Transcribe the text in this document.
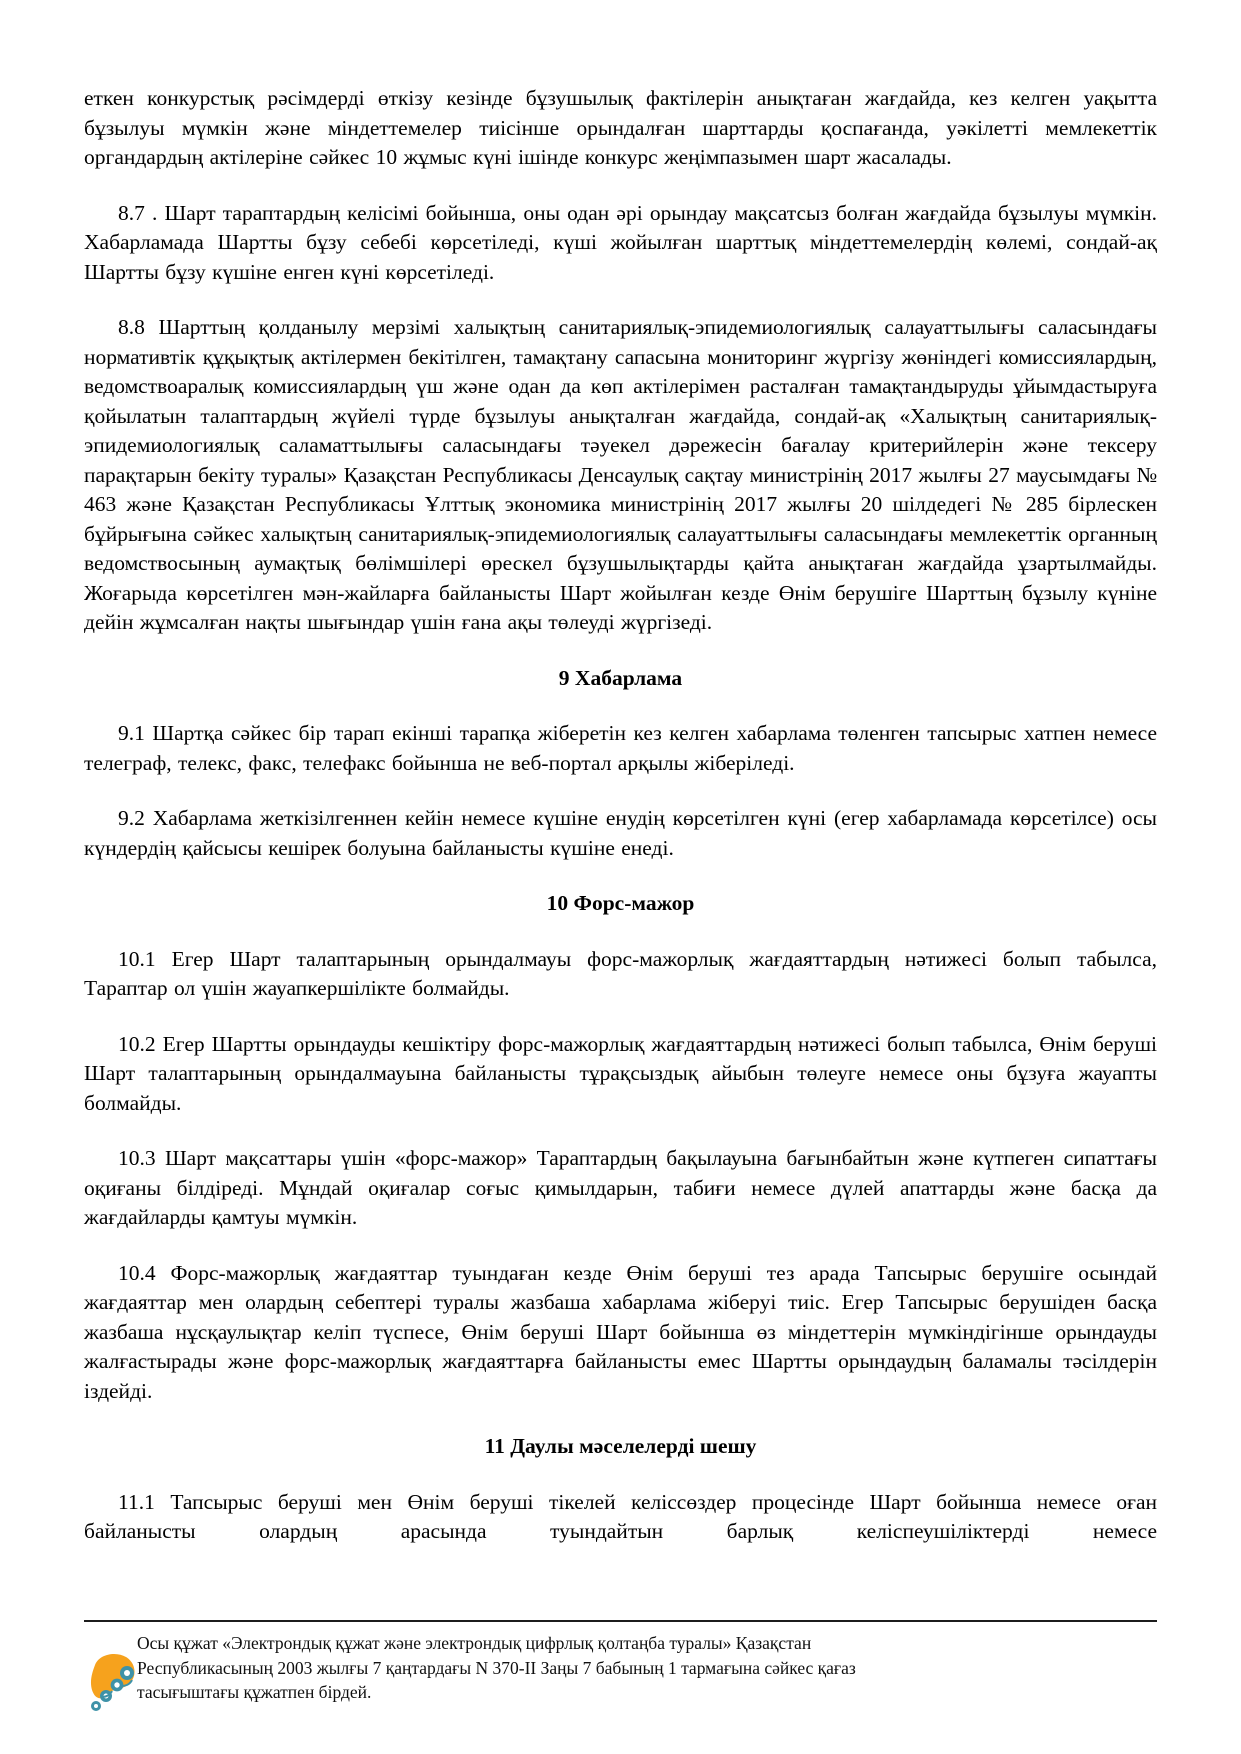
еткен конкурстық рәсімдерді өткізу кезінде бұзушылық фактілерін анықтаған жағдайда, кез келген уақытта бұзылуы мүмкін және міндеттемелер тиісінше орындалған шарттарды қоспағанда, уәкілетті мемлекеттік органдардың актілеріне сәйкес 10 жұмыс күні ішінде конкурс жеңімпазымен шарт жасалады.

8.7 . Шарт тараптардың келісімі бойынша, оны одан әрі орындау мақсатсыз болған жағдайда бұзылуы мүмкін. Хабарламада Шартты бұзу себебі көрсетіледі, күші жойылған шарттық міндеттемелердің көлемі, сондай-ақ Шартты бұзу күшіне енген күні көрсетіледі.

8.8 Шарттың қолданылу мерзімі халықтың санитариялық-эпидемиологиялық салауаттылығы саласындағы нормативтік құқықтық актілермен бекітілген, тамақтану сапасына мониторинг жүргізу жөніндегі комиссиялардың, ведомствоаралық комиссиялардың үш және одан да көп актілерімен расталған тамақтандыруды ұйымдастыруға қойылатын талаптардың жүйелі түрде бұзылуы анықталған жағдайда, сондай-ақ «Халықтың санитариялық-эпидемиологиялық саламаттылығы саласындағы тәуекел дәрежесін бағалау критерийлерін және тексеру парақтарын бекіту туралы» Қазақстан Республикасы Денсаулық сақтау министрінің 2017 жылғы 27 маусымдағы № 463 және Қазақстан Республикасы Ұлттық экономика министрінің 2017 жылғы 20 шілдедегі № 285 бірлескен бұйрығына сәйкес халықтың санитариялық-эпидемиологиялық салауаттылығы саласындағы мемлекеттік органның ведомствосының аумақтық бөлімшілері өрескел бұзушылықтарды қайта анықтаған жағдайда ұзартылмайды. Жоғарыда көрсетілген мән-жайларға байланысты Шарт жойылған кезде Өнім берушіге Шарттың бұзылу күніне дейін жұмсалған нақты шығындар үшін ғана ақы төлеуді жүргізеді.

9 Хабарлама

9.1 Шартқа сәйкес бір тарап екінші тарапқа жіберетін кез келген хабарлама төленген тапсырыс хатпен немесе телеграф, телекс, факс, телефакс бойынша не веб-портал арқылы жіберіледі.

9.2 Хабарлама жеткізілгеннен кейін немесе күшіне енудің көрсетілген күні (егер хабарламада көрсетілсе) осы күндердің қайсысы кешірек болуына байланысты күшіне енеді.

10 Форс-мажор

10.1 Егер Шарт талаптарының орындалмауы форс-мажорлық жағдаяттардың нәтижесі болып табылса, Тараптар ол үшін жауапкершілікте болмайды.

10.2 Егер Шартты орындауды кешіктіру форс-мажорлық жағдаяттардың нәтижесі болып табылса, Өнім беруші Шарт талаптарының орындалмауына байланысты тұрақсыздық айыбын төлеуге немесе оны бұзуға жауапты болмайды.

10.3 Шарт мақсаттары үшін «форс-мажор» Тараптардың бақылауына бағынбайтын және күтпеген сипаттағы оқиғаны білдіреді. Мұндай оқиғалар соғыс қимылдарын, табиғи немесе дүлей апаттарды және басқа да жағдайларды қамтуы мүмкін.

10.4 Форс-мажорлық жағдаяттар туындаған кезде Өнім беруші тез арада Тапсырыс берушіге осындай жағдаяттар мен олардың себептері туралы жазбаша хабарлама жіберуі тиіс. Егер Тапсырыс берушіден басқа жазбаша нұсқаулықтар келіп түспесе, Өнім беруші Шарт бойынша өз міндеттерін мүмкіндігінше орындауды жалғастырады және форс-мажорлық жағдаяттарға байланысты емес Шартты орындаудың баламалы тәсілдерін іздейді.

11 Даулы мәселелерді шешу

11.1 Тапсырыс беруші мен Өнім беруші тікелей келіссөздер процесінде Шарт бойынша немесе оған байланысты олардың арасында туындайтын барлық келіспеушіліктерді немесе

Осы құжат «Электрондық құжат және электрондық цифрлық қолтаңба туралы» Қазақстан
Республикасының 2003 жылғы 7 қаңтардағы N 370-II Заңы 7 бабының 1 тармағына сәйкес қағаз
тасығыштағы құжатпен бірдей.
